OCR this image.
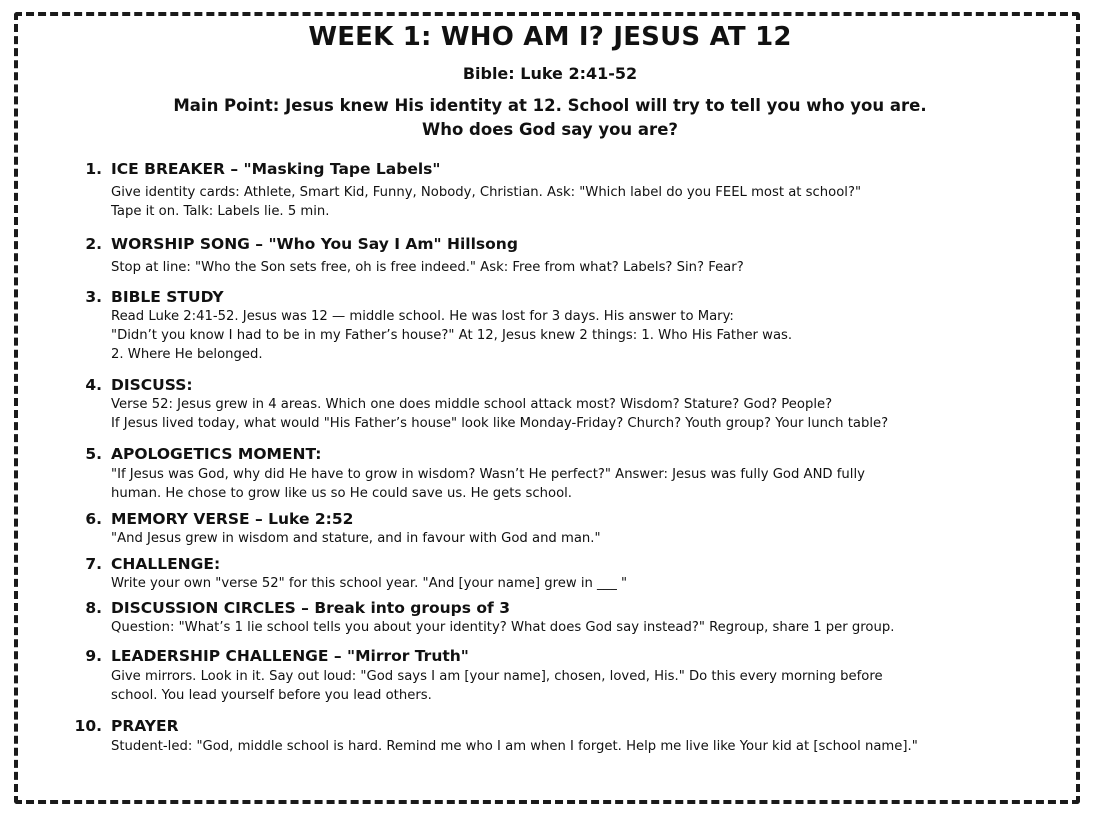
WEEK 1: WHO AM I? JESUS AT 12
Bible: Luke 2:41-52
Main Point: Jesus knew His identity at 12. School will try to tell you who you are.
Who does God say you are?
1. ICE BREAKER – "Masking Tape Labels"
Give identity cards: Athlete, Smart Kid, Funny, Nobody, Christian. Ask: "Which label do you FEEL most at school?"
Tape it on. Talk: Labels lie. 5 min.
2. WORSHIP SONG – "Who You Say I Am" Hillsong
Stop at line: "Who the Son sets free, oh is free indeed." Ask: Free from what? Labels? Sin? Fear?
3. BIBLE STUDY
Read Luke 2:41-52. Jesus was 12 — middle school. He was lost for 3 days. His answer to Mary:
"Didn’t you know I had to be in my Father’s house?" At 12, Jesus knew 2 things: 1. Who His Father was.
2. Where He belonged.
4. DISCUSS:
Verse 52: Jesus grew in 4 areas. Which one does middle school attack most? Wisdom? Stature? God? People?
If Jesus lived today, what would "His Father’s house" look like Monday-Friday? Church? Youth group? Your lunch table?
5. APOLOGETICS MOMENT:
"If Jesus was God, why did He have to grow in wisdom? Wasn’t He perfect?" Answer: Jesus was fully God AND fully
human. He chose to grow like us so He could save us. He gets school.
6. MEMORY VERSE – Luke 2:52
"And Jesus grew in wisdom and stature, and in favour with God and man."
7. CHALLENGE:
Write your own "verse 52" for this school year. "And [your name] grew in ___ "
8. DISCUSSION CIRCLES – Break into groups of 3
Question: "What’s 1 lie school tells you about your identity? What does God say instead?" Regroup, share 1 per group.
9. LEADERSHIP CHALLENGE – "Mirror Truth"
Give mirrors. Look in it. Say out loud: "God says I am [your name], chosen, loved, His." Do this every morning before
school. You lead yourself before you lead others.
10. PRAYER
Student-led: "God, middle school is hard. Remind me who I am when I forget. Help me live like Your kid at [school name]."
